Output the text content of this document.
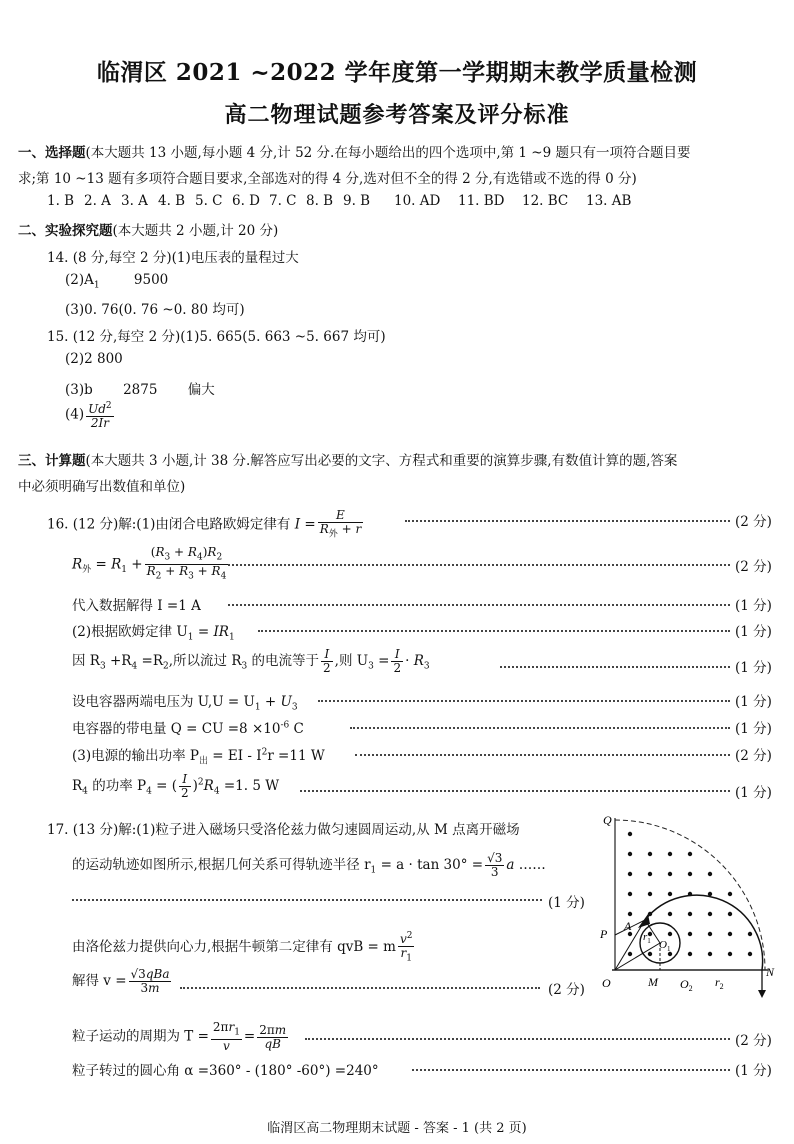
临渭区 2021 ~2022 学年度第一学期期末教学质量检测
高二物理试题参考答案及评分标准
一、选择题(本大题共 13 小题,每小题 4 分,计 52 分.在每小题给出的四个选项中,第 1 ~9 题只有一项符合题目要
求;第 10 ~13 题有多项符合题目要求,全部选对的得 4 分,选对但不全的得 2 分,有选错或不选的得 0 分)
1. B 2. A 3. A 4. B 5. C 6. D 7. C 8. B 9. B	10. AD	11. BD	12. BC	13. AB
二、实验探究题(本大题共 2 小题,计 20 分)
14. (8 分,每空 2 分)(1)电压表的量程过大
$(2)A_1$	9500
(3)0. 76(0. 76 ~0. 80 均可)
15. (12 分,每空 2 分)(1)5. 665(5. 663 ~5. 667 均可)
(2)2 800
(3)b 2875 偏大
$(4) \frac{Ud^2}{2Ir}$
三、计算题(本大题共 3 小题,计 38 分.解答应写出必要的文字、方程式和重要的演算步骤,有数值计算的题,答案
中必须明确写出数值和单位)
16. (12 分)解:(1)由闭合电路欧姆定律有 $I = \frac{E}{R_外 + r}$	(2 分)
$R_外 = R_1 + \frac{(R_3 + R_4)R_2}{R_2 + R_3 + R_4}$	(2 分)
代入数据解得 I =1 A	(1 分)
(2)根据欧姆定律 $U_1 = IR_1$	(1 分)
因 $R_3 +R_4 =R_2$,所以流过 $R_3$ 的电流等于 $\frac{I}{2}$ ,则 $U_3 = \frac{I}{2} \cdot R_3$	(1 分)
设电容器两端电压为 $U,U = U_1 + U_3$	(1 分)
电容器的带电量 Q = CU $=8 \times 10^{-6}$ C	(1 分)
(3)电源的输出功率 $P_出$ = EI - $I^2r =11$ W	(2 分)
$R_4$ 的功率 $P_4$ = ( $\frac{I}{2} )^2R_4 =1$. 5 W	(1 分)
17. (13 分)解:(1)粒子进入磁场只受洛伦兹力做匀速圆周运动,从 M 点离开磁场
的运动轨迹如图所示,根据几何关系可得轨迹半径 $r_1 = a \cdot \tan 30^\circ = \frac{√3}{3}$ a ……
(1 分)
由洛伦兹力提供向心力,根据牛顿第二定律有 qvB = m $\frac{v^2}{r_1}$
解得 $v = \frac{\text{√3qBa}}{3m}$	(2 分)
粒子运动的周期为 $T = \frac{2\pi r_1}{v} = \frac{2\pi m}{qB}$	(2 分)
粒子转过的圆心角 α =360° - (180° -60°) =240°	(1 分)
Q
P
A
O	M $O_2$ $r_2$
N
$r_1$ $O_1$
临渭区高二物理期末试题 - 答案 - 1 (共 2 页)
